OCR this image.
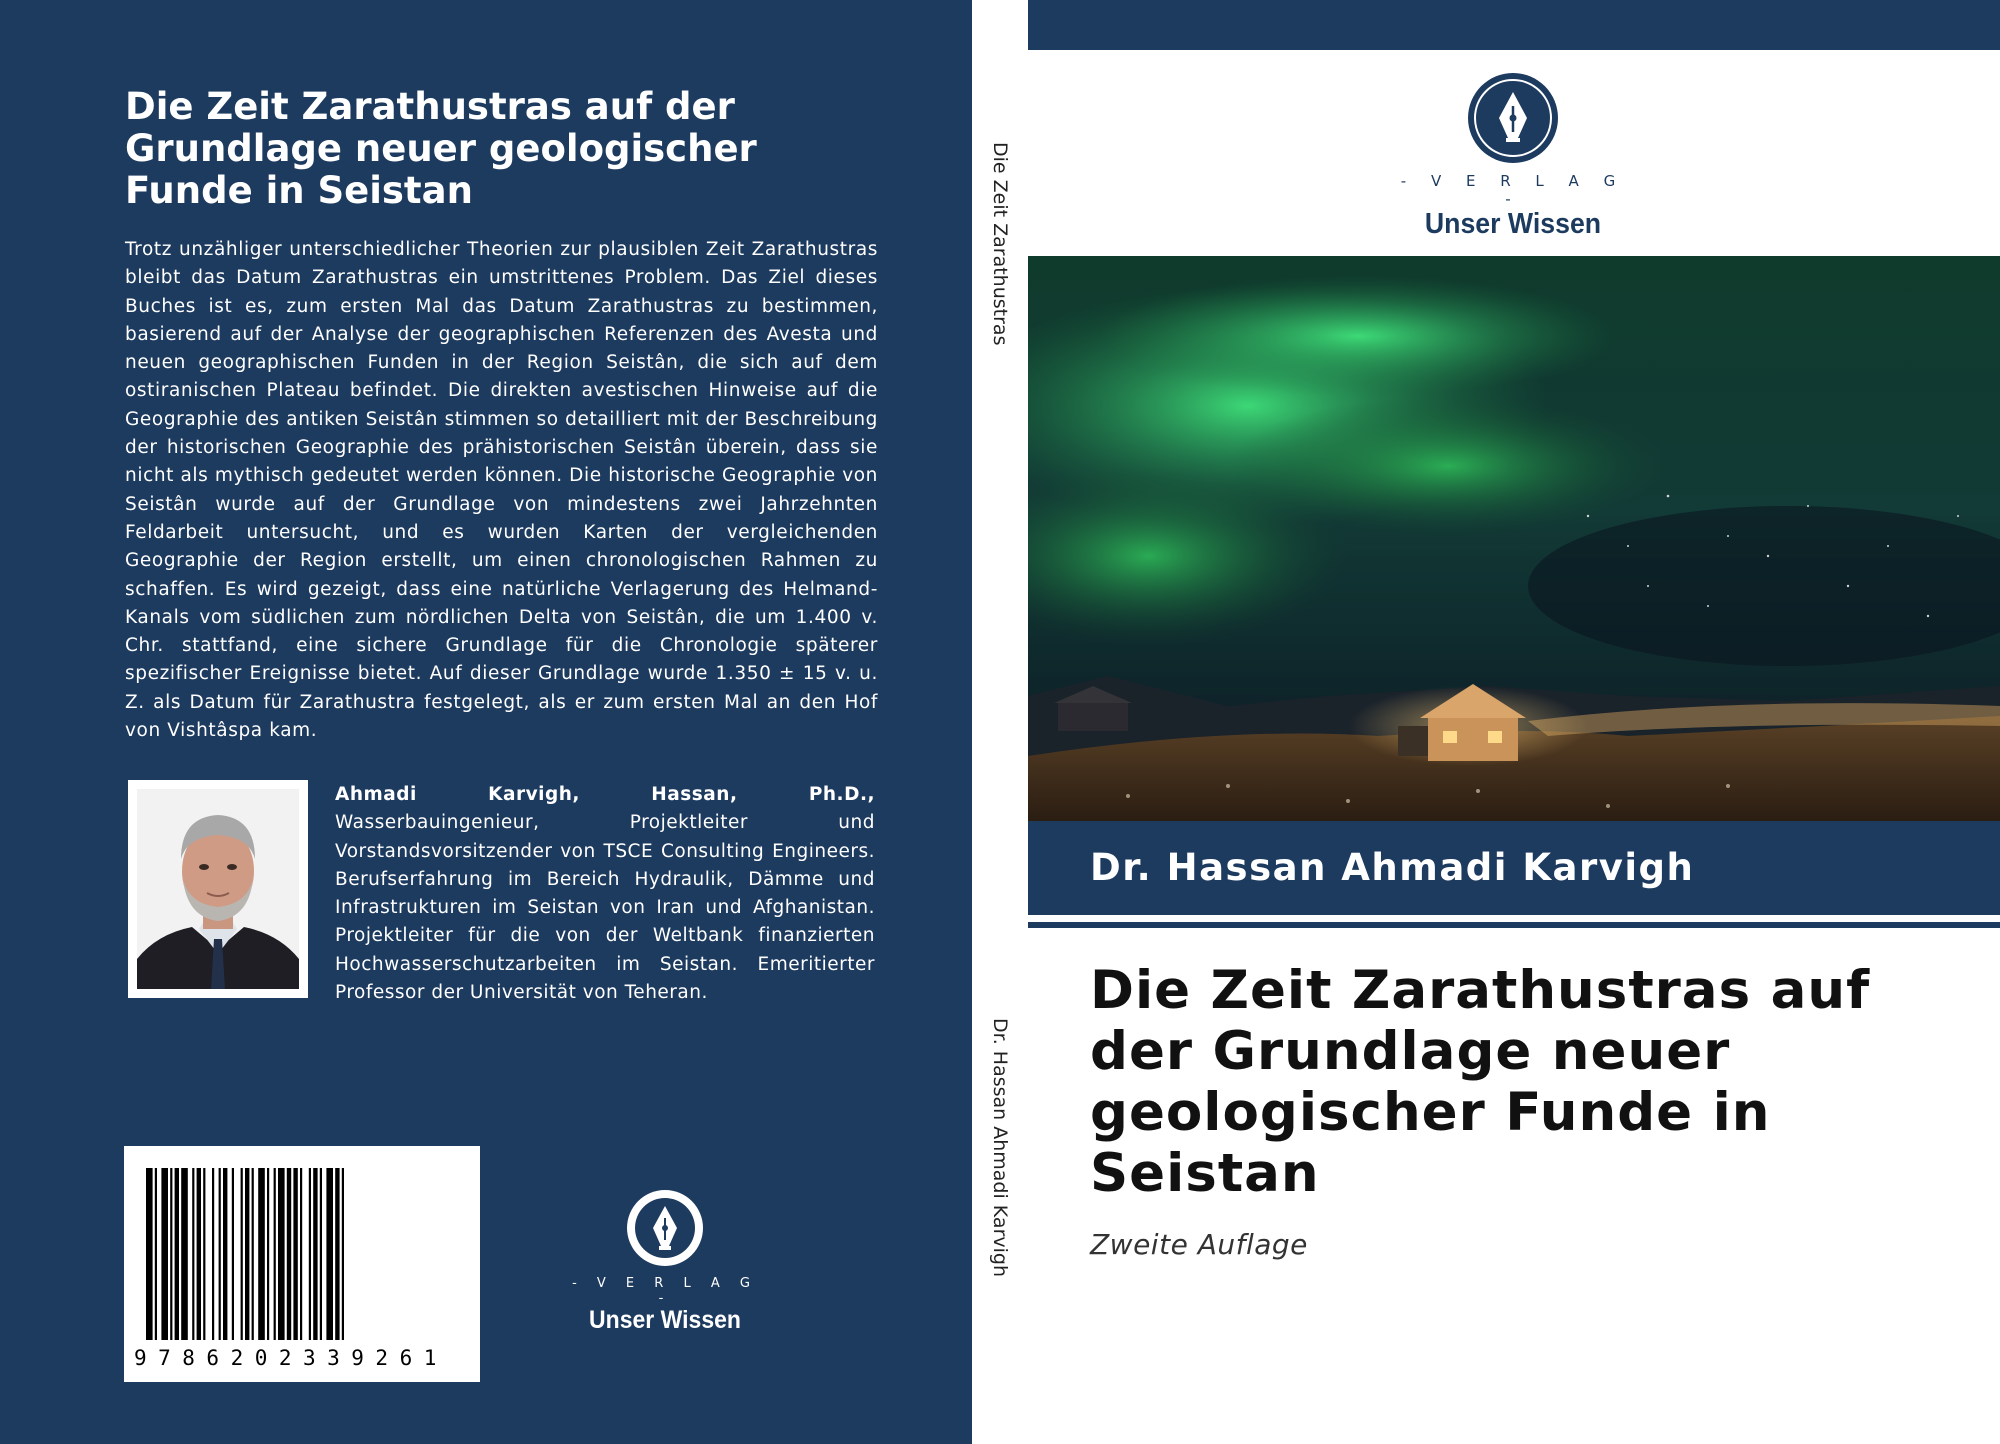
Die Zeit Zarathustras auf der Grundlage neuer geologischer Funde in Seistan

Trotz unzähliger unterschiedlicher Theorien zur plausiblen Zeit Zarathustras bleibt das Datum Zarathustras ein umstrittenes Problem. Das Ziel dieses Buches ist es, zum ersten Mal das Datum Zarathustras zu bestimmen, basierend auf der Analyse der geographischen Referenzen des Avesta und neuen geographischen Funden in der Region Seistân, die sich auf dem ostiranischen Plateau befindet. Die direkten avestischen Hinweise auf die Geographie des antiken Seistân stimmen so detailliert mit der Beschreibung der historischen Geographie des prähistorischen Seistân überein, dass sie nicht als mythisch gedeutet werden können. Die historische Geographie von Seistân wurde auf der Grundlage von mindestens zwei Jahrzehnten Feldarbeit untersucht, und es wurden Karten der vergleichenden Geographie der Region erstellt, um einen chronologischen Rahmen zu schaffen. Es wird gezeigt, dass eine natürliche Verlagerung des Helmand-Kanals vom südlichen zum nördlichen Delta von Seistân, die um 1.400 v. Chr. stattfand, eine sichere Grundlage für die Chronologie späterer spezifischer Ereignisse bietet. Auf dieser Grundlage wurde 1.350 ± 15 v. u. Z. als Datum für Zarathustra festgelegt, als er zum ersten Mal an den Hof von Vishtâspa kam.

Ahmadi Karvigh, Hassan, Ph.D., Wasserbauingenieur, Projektleiter und Vorstandsvorsitzender von TSCE Consulting Engineers. Berufserfahrung im Bereich Hydraulik, Dämme und Infrastrukturen im Seistan von Iran und Afghanistan. Projektleiter für die von der Weltbank finanzierten Hochwasserschutzarbeiten im Seistan. Emeritierter Professor der Universität von Teheran.

9786202339261
- V E R L A G -
Unser Wissen
Die Zeit Zarathustras
Dr. Hassan Ahmadi Karvigh
- V E R L A G -
Unser Wissen
Dr. Hassan Ahmadi Karvigh
Die Zeit Zarathustras auf der Grundlage neuer geologischer Funde in Seistan
Zweite Auflage
